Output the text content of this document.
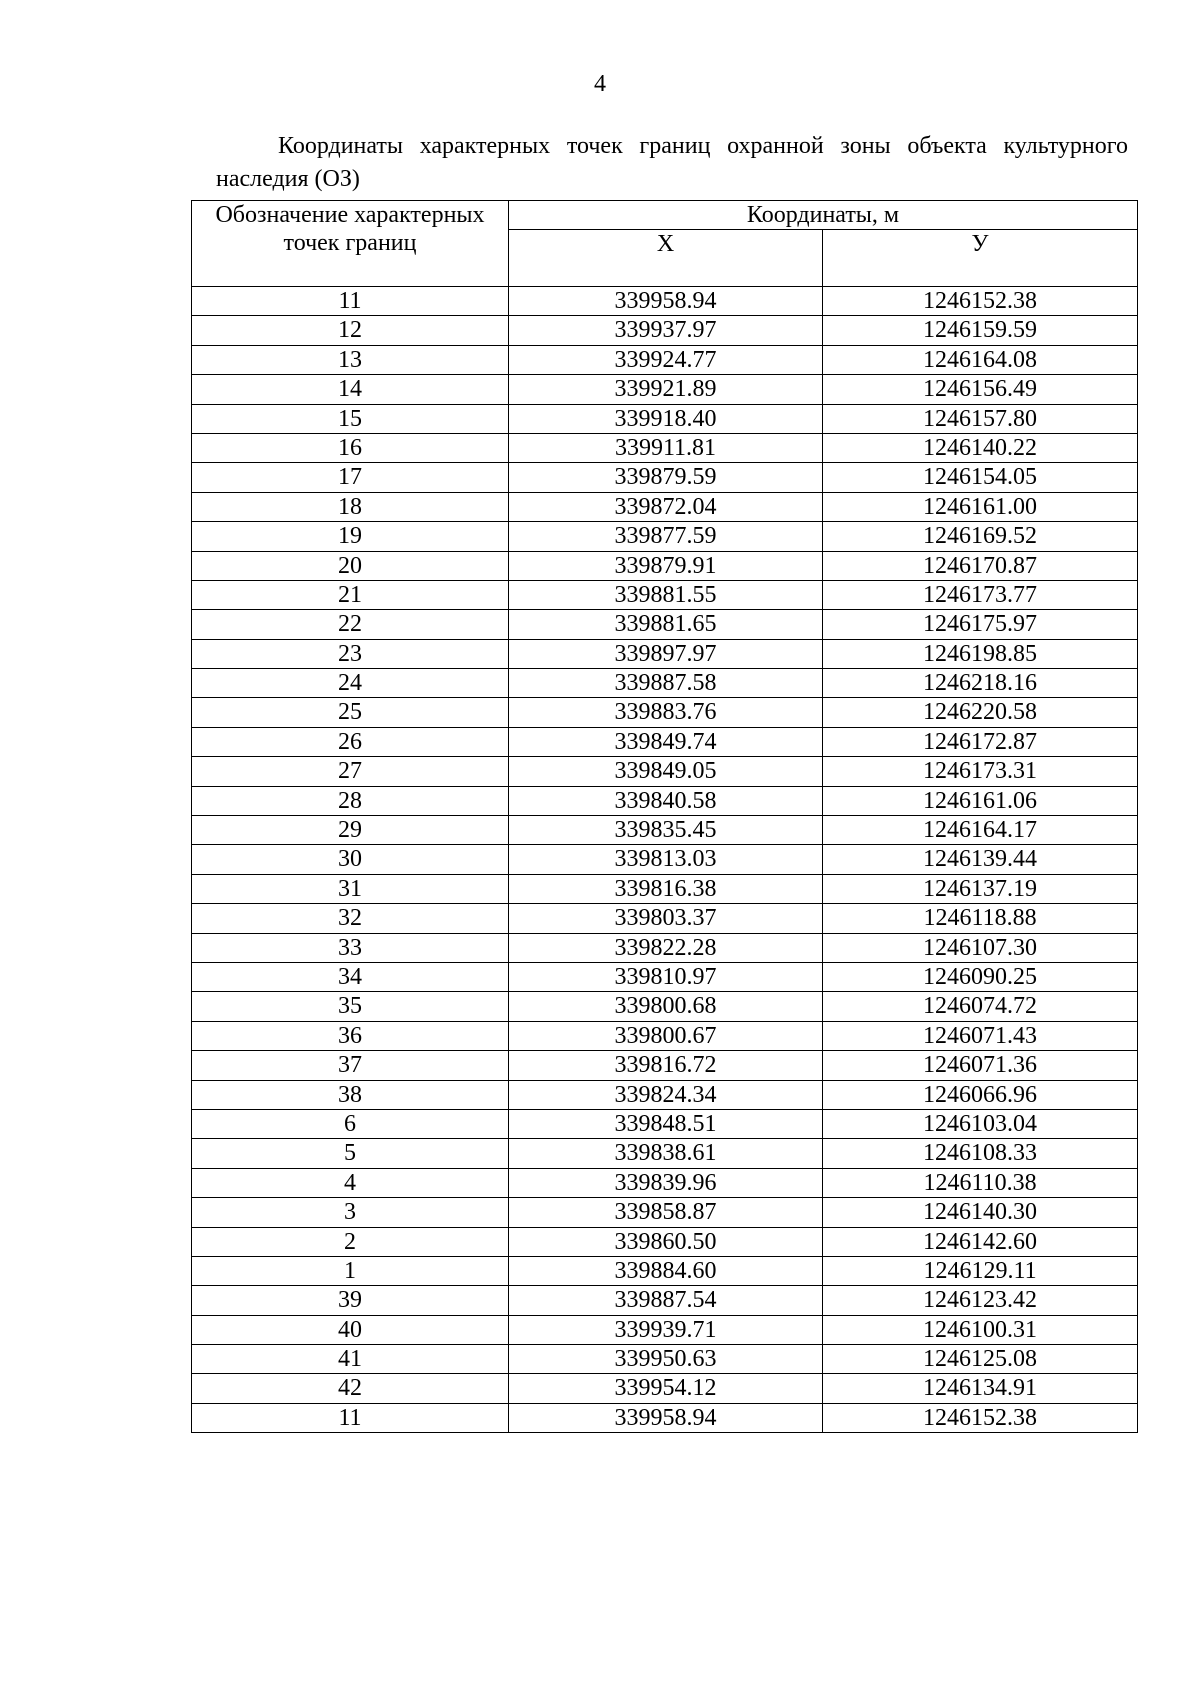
4

Координаты характерных точек границ охранной зоны объекта культурного наследия (ОЗ)

Обозначение характерных точек границ	Координаты, м	
	X	У
11	339958.94	1246152.38
12	339937.97	1246159.59
13	339924.77	1246164.08
14	339921.89	1246156.49
15	339918.40	1246157.80
16	339911.81	1246140.22
17	339879.59	1246154.05
18	339872.04	1246161.00
19	339877.59	1246169.52
20	339879.91	1246170.87
21	339881.55	1246173.77
22	339881.65	1246175.97
23	339897.97	1246198.85
24	339887.58	1246218.16
25	339883.76	1246220.58
26	339849.74	1246172.87
27	339849.05	1246173.31
28	339840.58	1246161.06
29	339835.45	1246164.17
30	339813.03	1246139.44
31	339816.38	1246137.19
32	339803.37	1246118.88
33	339822.28	1246107.30
34	339810.97	1246090.25
35	339800.68	1246074.72
36	339800.67	1246071.43
37	339816.72	1246071.36
38	339824.34	1246066.96
6	339848.51	1246103.04
5	339838.61	1246108.33
4	339839.96	1246110.38
3	339858.87	1246140.30
2	339860.50	1246142.60
1	339884.60	1246129.11
39	339887.54	1246123.42
40	339939.71	1246100.31
41	339950.63	1246125.08
42	339954.12	1246134.91
11	339958.94	1246152.38
